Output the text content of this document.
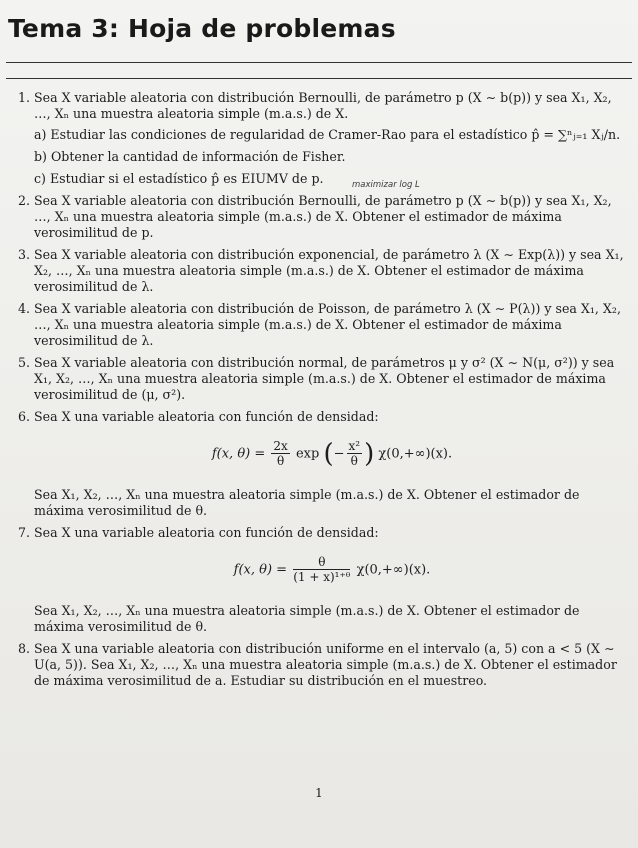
Tema 3: Hoja de problemas
1. Sea X variable aleatoria con distribución Bernoulli, de parámetro p (X ∼ b(p)) y sea X₁, X₂, …, Xₙ una muestra aleatoria simple (m.a.s.) de X.
a) Estudiar las condiciones de regularidad de Cramer-Rao para el estadístico p̂ = ∑ⁿⱼ₌₁ Xⱼ/n.
b) Obtener la cantidad de información de Fisher.
c) Estudiar si el estadístico p̂ es EIUMV de p.
2. Sea X variable aleatoria con distribución Bernoulli, de parámetro p (X ∼ b(p)) y sea X₁, X₂, …, Xₙ una muestra aleatoria simple (m.a.s.) de X. Obtener el estimador de máxima verosimilitud de p.
3. Sea X variable aleatoria con distribución exponencial, de parámetro λ (X ∼ Exp(λ)) y sea X₁, X₂, …, Xₙ una muestra aleatoria simple (m.a.s.) de X. Obtener el estimador de máxima verosimilitud de λ.
4. Sea X variable aleatoria con distribución de Poisson, de parámetro λ (X ∼ P(λ)) y sea X₁, X₂, …, Xₙ una muestra aleatoria simple (m.a.s.) de X. Obtener el estimador de máxima verosimilitud de λ.
5. Sea X variable aleatoria con distribución normal, de parámetros μ y σ² (X ∼ N(μ, σ²)) y sea X₁, X₂, …, Xₙ una muestra aleatoria simple (m.a.s.) de X. Obtener el estimador de máxima verosimilitud de (μ, σ²).
6. Sea X una variable aleatoria con función de densidad:
f(x, $\theta) = \frac{2x}{\theta}$ exp (− $\frac{\text{x²}}{\theta}$ ) χ(0,+∞)(x).
Sea X₁, X₂, …, Xₙ una muestra aleatoria simple (m.a.s.) de X. Obtener el estimador de máxima verosimilitud de θ.
7. Sea X una variable aleatoria con función de densidad:
f(x, $\theta) = \frac{\theta}{\text{(1 + x)¹⁺ᶿ}} \chi(0,+\infty)(x)$.
Sea X₁, X₂, …, Xₙ una muestra aleatoria simple (m.a.s.) de X. Obtener el estimador de máxima verosimilitud de θ.
8. Sea X una variable aleatoria con distribución uniforme en el intervalo (a, 5) con a < 5 (X ∼ U(a, 5)). Sea X₁, X₂, …, Xₙ una muestra aleatoria simple (m.a.s.) de X. Obtener el estimador de máxima verosimilitud de a. Estudiar su distribución en el muestreo.
maximizar log L
1
